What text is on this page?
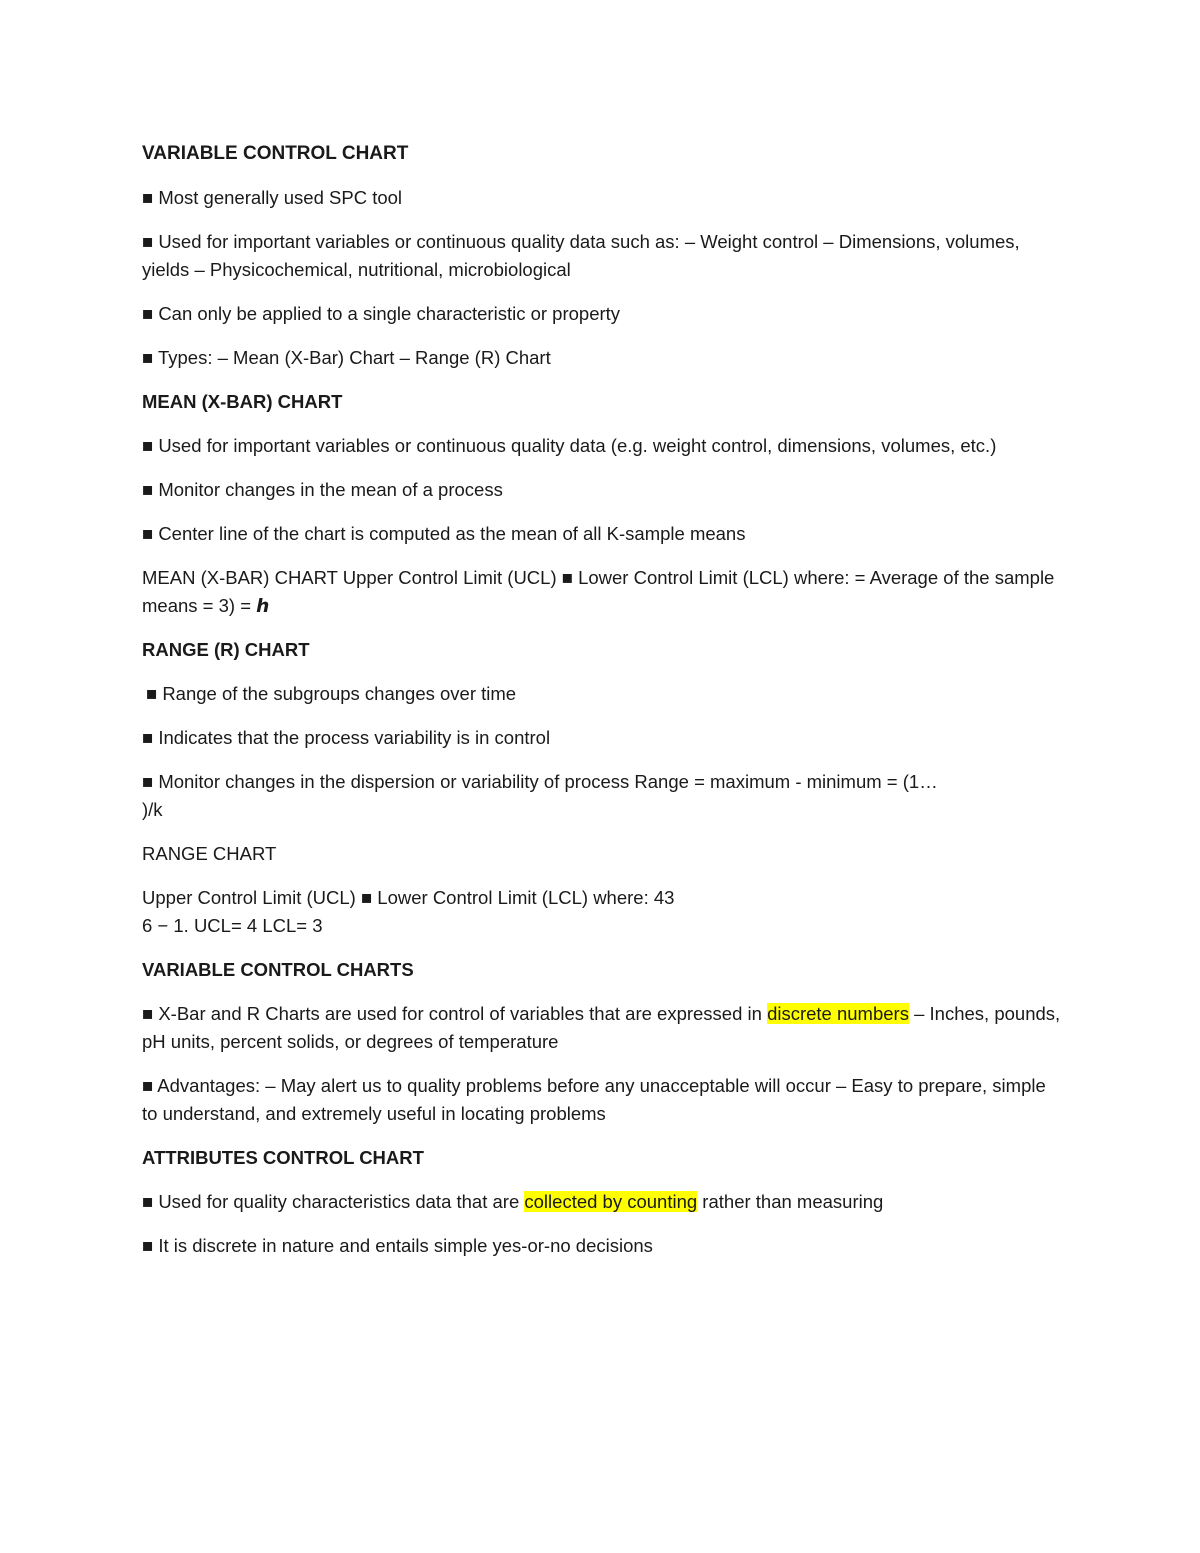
VARIABLE CONTROL CHART
■ Most generally used SPC tool
■ Used for important variables or continuous quality data such as: – Weight control – Dimensions, volumes, yields – Physicochemical, nutritional, microbiological
■ Can only be applied to a single characteristic or property
■ Types: – Mean (X-Bar) Chart – Range (R) Chart
MEAN (X-BAR) CHART
■ Used for important variables or continuous quality data (e.g. weight control, dimensions, volumes, etc.)
■ Monitor changes in the mean of a process
■ Center line of the chart is computed as the mean of all K-sample means
MEAN (X-BAR) CHART Upper Control Limit (UCL) ■ Lower Control Limit (LCL) where: = Average of the sample means = 3) = ℎ

RANGE (R) CHART
■ Range of the subgroups changes over time
■ Indicates that the process variability is in control
■ Monitor changes in the dispersion or variability of process Range = maximum - minimum = (1…
)/k
RANGE CHART
Upper Control Limit (UCL) ■ Lower Control Limit (LCL) where: 43
6 − 1. UCL= 4 LCL= 3
VARIABLE CONTROL CHARTS
■ X-Bar and R Charts are used for control of variables that are expressed in discrete numbers – Inches, pounds, pH units, percent solids, or degrees of temperature
■ Advantages: – May alert us to quality problems before any unacceptable will occur – Easy to prepare, simple to understand, and extremely useful in locating problems
ATTRIBUTES CONTROL CHART
■ Used for quality characteristics data that are collected by counting rather than measuring
■ It is discrete in nature and entails simple yes-or-no decisions
